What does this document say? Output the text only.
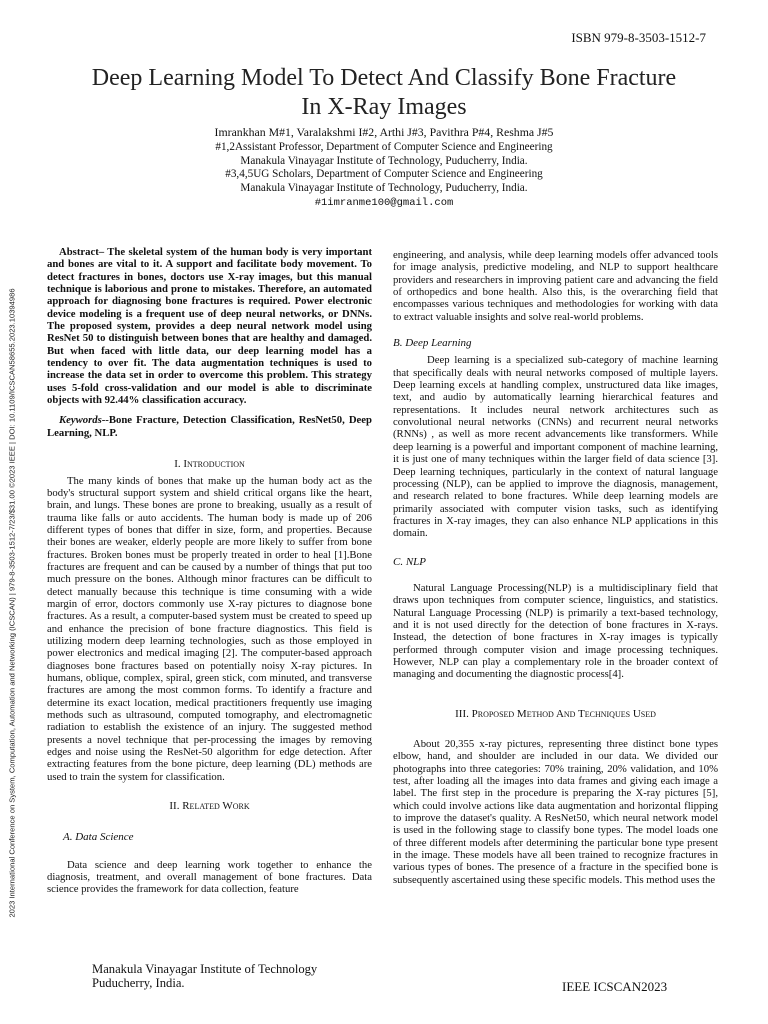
ISBN 979-8-3503-1512-7
2023 International Conference on System, Computation, Automation and Networking (ICSCAN) | 979-8-3503-1512-7/23/$31.00 ©2023 IEEE | DOI: 10.1109/ICSCAN58655.2023.10394986
Deep Learning Model To Detect And Classify Bone Fracture
In X-Ray Images
Imrankhan M#1, Varalakshmi I#2, Arthi J#3, Pavithra P#4, Reshma J#5
#1,2Assistant Professor, Department of Computer Science and Engineering
Manakula Vinayagar Institute of Technology, Puducherry, India.
#3,4,5UG Scholars, Department of Computer Science and Engineering
Manakula Vinayagar Institute of Technology, Puducherry, India.
#1imranme100@gmail.com

Abstract– The skeletal system of the human body is very important and bones are vital to it. A support and facilitate body movement. To detect fractures in bones, doctors use X-ray images, but this manual technique is laborious and prone to mistakes. Therefore, an automated approach for diagnosing bone fractures is required. Power electronic device modeling is a frequent use of deep neural networks, or DNNs. The proposed system, provides a deep neural network model using ResNet 50 to distinguish between bones that are healthy and damaged. But when faced with little data, our deep learning model has a tendency to over fit. The data augmentation techniques is used to increase the data set in order to overcome this problem. This strategy uses 5-fold cross-validation and our model is able to discriminate objects with 92.44% classification accuracy.

Keywords--Bone Fracture, Detection Classification, ResNet50, Deep Learning, NLP.

I. Introduction

The many kinds of bones that make up the human body act as the body's structural support system and shield critical organs like the heart, brain, and lungs. These bones are prone to breaking, usually as a result of trauma like falls or auto accidents. The human body is made up of 206 different types of bones that differ in size, form, and properties. Because their bones are weaker, elderly people are more likely to suffer from bone fractures. Broken bones must be properly treated in order to heal [1].Bone fractures are frequent and can be caused by a number of things that put too much pressure on the bones. Although minor fractures can be difficult to detect manually because this technique is time consuming with a wide margin of error, doctors commonly use X-ray pictures to diagnose bone fractures. As a result, a computer-based system must be created to speed up and enhance the precision of bone fracture diagnostics. This field is utilizing modern deep learning technologies, such as those employed in power electronics and medical imaging [2]. The computer-based approach diagnoses bone fractures based on potentially noisy X-ray pictures. In humans, oblique, complex, spiral, green stick, com minuted, and transverse fractures are among the most common forms. To identify a fracture and determine its exact location, medical practitioners frequently use imaging methods such as ultrasound, computed tomography, and electromagnetic radiation to establish the existence of an injury. The suggested method presents a novel technique that per-processing the images by removing edges and noise using the ResNet-50 algorithm for edge detection. After extracting features from the bone picture, deep learning (DL) methods are used to train the system for classification.

II. Related Work

A. Data Science

Data science and deep learning work together to enhance the diagnosis, treatment, and overall management of bone fractures. Data science provides the framework for data collection, feature

engineering, and analysis, while deep learning models offer advanced tools for image analysis, predictive modeling, and NLP to support healthcare providers and researchers in improving patient care and advancing the field of orthopedics and bone health. Also this, is the overarching field that encompasses various techniques and methodologies for working with data to extract valuable insights and solve real-world problems.

B. Deep Learning

Deep learning is a specialized sub-category of machine learning that specifically deals with neural networks composed of multiple layers. Deep learning excels at handling complex, unstructured data like images, text, and audio by automatically learning hierarchical features and representations. It includes neural network architectures such as convolutional neural networks (CNNs) and recurrent neural networks (RNNs) , as well as more recent advancements like transformers. While deep learning is a powerful and important component of machine learning, it is just one of many techniques within the larger field of data science [3]. Deep learning techniques, particularly in the context of natural language processing (NLP), can be applied to improve the diagnosis, management, and research related to bone fractures. While deep learning models are primarily associated with computer vision tasks, such as identifying fractures in X-ray images, they can also enhance NLP applications in this domain.

C. NLP

Natural Language Processing(NLP) is a multidisciplinary field that draws upon techniques from computer science, linguistics, and statistics. Natural Language Processing (NLP) is primarily a text-based technology, and it is not used directly for the detection of bone fractures in X-rays. Instead, the detection of bone fractures in X-ray images is typically performed through computer vision and image processing techniques. However, NLP can play a complementary role in the broader context of managing and documenting the diagnostic process[4].

III. Proposed Method And Techniques Used

About 20,355 x-ray pictures, representing three distinct bone types elbow, hand, and shoulder are included in our data. We divided our photographs into three categories: 70% training, 20% validation, and 10% test, after loading all the images into data frames and giving each image a label. The first step in the procedure is preparing the X-ray pictures [5], which could involve actions like data augmentation and horizontal flipping to improve the dataset's quality. A ResNet50, which neural network model is used in the following stage to classify bone types. The model loads one of three different models after determining the particular bone type present in the image. These models have all been trained to recognize fractures in various types of bones. The presence of a fracture in the specified bone is subsequently ascertained using these specific models. This method uses the

Manakula Vinayagar Institute of Technology
Puducherry, India.	IEEE ICSCAN2023
